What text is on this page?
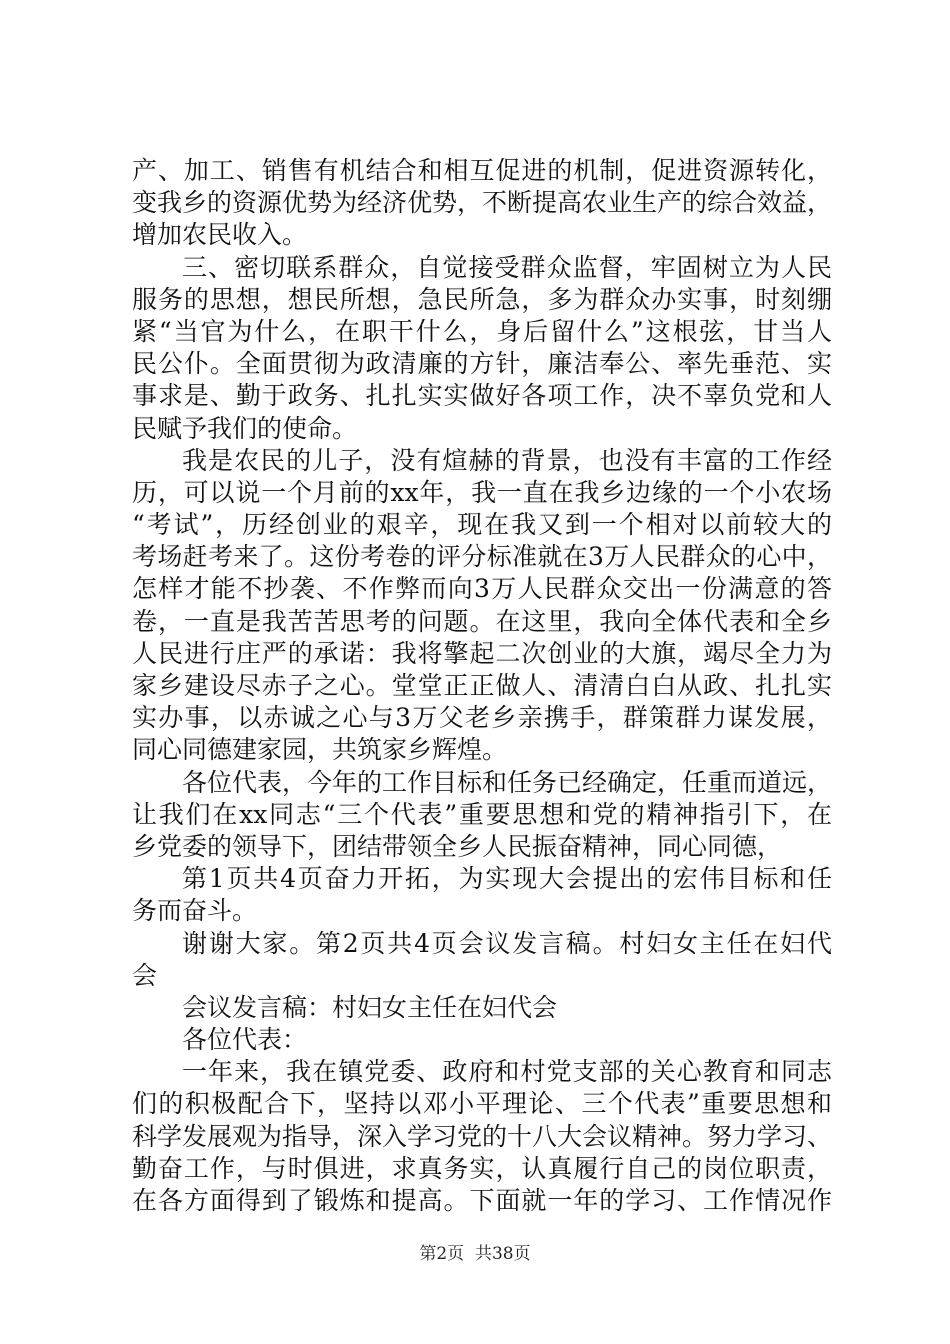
产、加工、销售有机结合和相互促进的机制，促进资源转化，
变我乡的资源优势为经济优势，不断提高农业生产的综合效益，
增加农民收入。
三、密切联系群众，自觉接受群众监督，牢固树立为人民
服务的思想，想民所想，急民所急，多为群众办实事，时刻绷
紧“当官为什么，在职干什么，身后留什么”这根弦，甘当人
民公仆。全面贯彻为政清廉的方针，廉洁奉公、率先垂范、实
事求是、勤于政务、扎扎实实做好各项工作，决不辜负党和人
民赋予我们的使命。
我是农民的儿子，没有煊赫的背景，也没有丰富的工作经
历，可以说一个月前的xx年，我一直在我乡边缘的一个小农场
“考试”，历经创业的艰辛，现在我又到一个相对以前较大的
考场赶考来了。这份考卷的评分标准就在3万人民群众的心中，
怎样才能不抄袭、不作弊而向3万人民群众交出一份满意的答
卷，一直是我苦苦思考的问题。在这里，我向全体代表和全乡
人民进行庄严的承诺：我将擎起二次创业的大旗，竭尽全力为
家乡建设尽赤子之心。堂堂正正做人、清清白白从政、扎扎实
实办事，以赤诚之心与3万父老乡亲携手，群策群力谋发展，
同心同德建家园，共筑家乡辉煌。
各位代表，今年的工作目标和任务已经确定，任重而道远，
让我们在xx同志“三个代表”重要思想和党的精神指引下，在
乡党委的领导下，团结带领全乡人民振奋精神，同心同德，
第1页共4页奋力开拓，为实现大会提出的宏伟目标和任
务而奋斗。
谢谢大家。第2页共4页会议发言稿。村妇女主任在妇代
会
会议发言稿：村妇女主任在妇代会
各位代表：
一年来，我在镇党委、政府和村党支部的关心教育和同志
们的积极配合下，坚持以邓小平理论、三个代表”重要思想和
科学发展观为指导，深入学习党的十八大会议精神。努力学习、
勤奋工作，与时俱进，求真务实，认真履行自己的岗位职责，
在各方面得到了锻炼和提高。下面就一年的学习、工作情况作
第2页  共38页
